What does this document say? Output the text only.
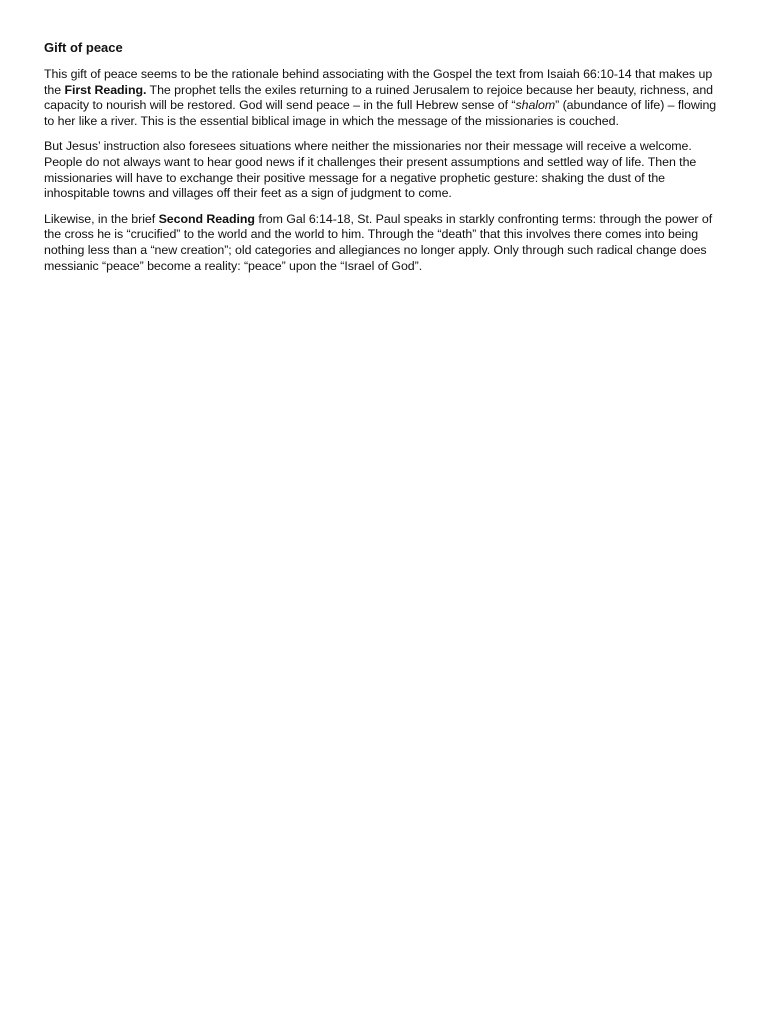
Gift of peace

This gift of peace seems to be the rationale behind associating with the Gospel the text from Isaiah 66:10-14 that makes up the First Reading. The prophet tells the exiles returning to a ruined Jerusalem to rejoice because her beauty, richness, and capacity to nourish will be restored. God will send peace – in the full Hebrew sense of “shalom” (abundance of life) – flowing to her like a river. This is the essential biblical image in which the message of the missionaries is couched.

But Jesus’ instruction also foresees situations where neither the missionaries nor their message will receive a welcome. People do not always want to hear good news if it challenges their present assumptions and settled way of life. Then the missionaries will have to exchange their positive message for a negative prophetic gesture: shaking the dust of the inhospitable towns and villages off their feet as a sign of judgment to come.

Likewise, in the brief Second Reading from Gal 6:14-18, St. Paul speaks in starkly confronting terms: through the power of the cross he is “crucified” to the world and the world to him. Through the “death” that this involves there comes into being nothing less than a “new creation”; old categories and allegiances no longer apply. Only through such radical change does messianic “peace” become a reality: “peace” upon the “Israel of God”.
